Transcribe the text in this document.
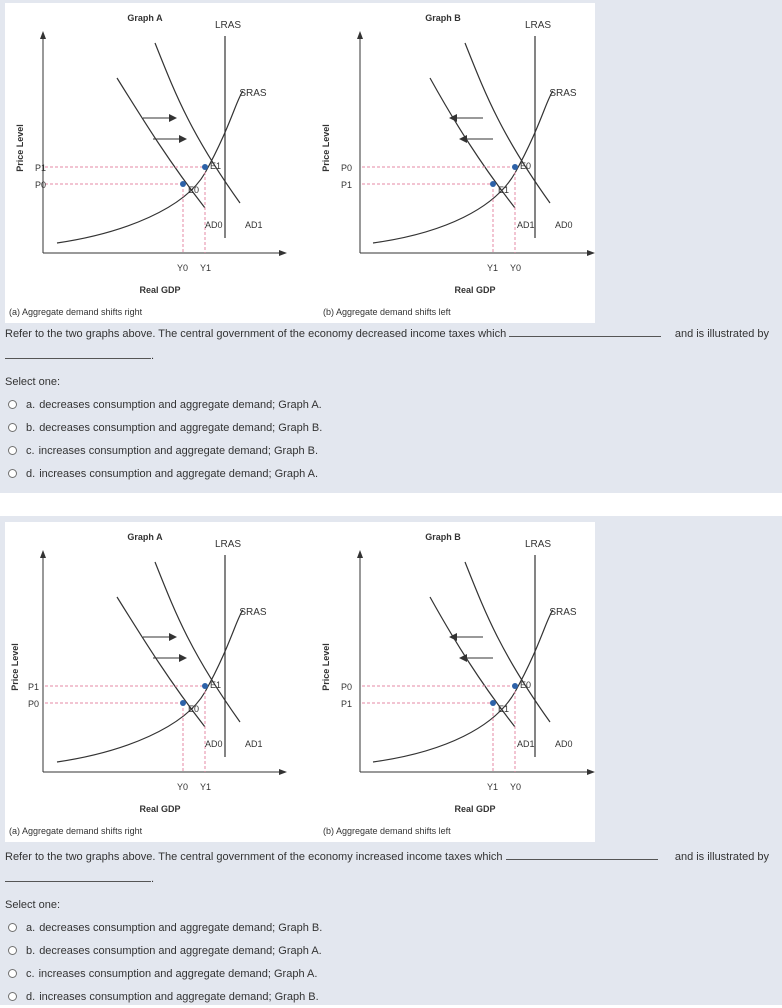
Graph A
LRAS
SRAS
Price Level P1
P0
E1
E0
AD0 AD1
Y0 Y1
Real GDP
(a) Aggregate demand shifts right
Graph B
LRAS
SRAS
Price Level P0
P1
E0
E1
AD1 AD0
Y1 Y0
Real GDP
(b) Aggregate demand shifts left
Refer to the two graphs above. The central government of the economy decreased income taxes which	and is illustrated by

.
Select one:
a. decreases consumption and aggregate demand; Graph A.
b. decreases consumption and aggregate demand; Graph B.
c. increases consumption and aggregate demand; Graph B.
d. increases consumption and aggregate demand; Graph A.
Graph A
LRAS
SRAS
Price Level P1
P0
E1
E0
AD0 AD1
Y0 Y1
Real GDP
(a) Aggregate demand shifts right
Graph B
LRAS
SRAS
Price Level P0
P1
E0
E1
AD1 AD0
Y1 Y0
Real GDP
(b) Aggregate demand shifts left
Refer to the two graphs above. The central government of the economy increased income taxes which	and is illustrated by

.
Select one:
a. decreases consumption and aggregate demand; Graph B.
b. decreases consumption and aggregate demand; Graph A.
c. increases consumption and aggregate demand; Graph A.
d. increases consumption and aggregate demand; Graph B.
